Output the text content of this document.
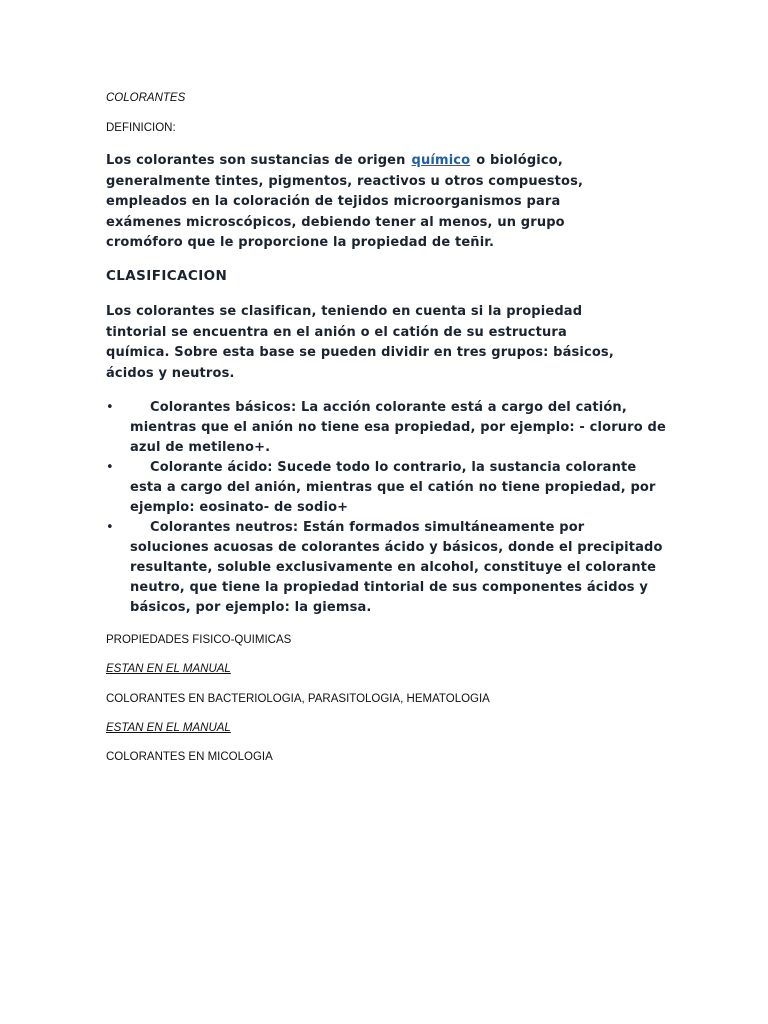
COLORANTES

DEFINICION:

Los colorantes son sustancias de origen químico o biológico, generalmente tintes, pigmentos, reactivos u otros compuestos, empleados en la coloración de tejidos microorganismos para exámenes microscópicos, debiendo tener al menos, un grupo cromóforo que le proporcione la propiedad de teñir.

CLASIFICACION

Los colorantes se clasifican, teniendo en cuenta si la propiedad tintorial se encuentra en el anión o el catión de su estructura química. Sobre esta base se pueden dividir en tres grupos: básicos, ácidos y neutros.

•	Colorantes básicos: La acción colorante está a cargo del catión, mientras que el anión no tiene esa propiedad, por ejemplo: - cloruro de azul de metileno+.
•	Colorante ácido: Sucede todo lo contrario, la sustancia colorante esta a cargo del anión, mientras que el catión no tiene propiedad, por ejemplo: eosinato- de sodio+
•	Colorantes neutros: Están formados simultáneamente por soluciones acuosas de colorantes ácido y básicos, donde el precipitado resultante, soluble exclusivamente en alcohol, constituye el colorante neutro, que tiene la propiedad tintorial de sus componentes ácidos y básicos, por ejemplo: la giemsa.

PROPIEDADES FISICO-QUIMICAS

ESTAN EN EL MANUAL

COLORANTES EN BACTERIOLOGIA, PARASITOLOGIA, HEMATOLOGIA

ESTAN EN EL MANUAL

COLORANTES EN MICOLOGIA
